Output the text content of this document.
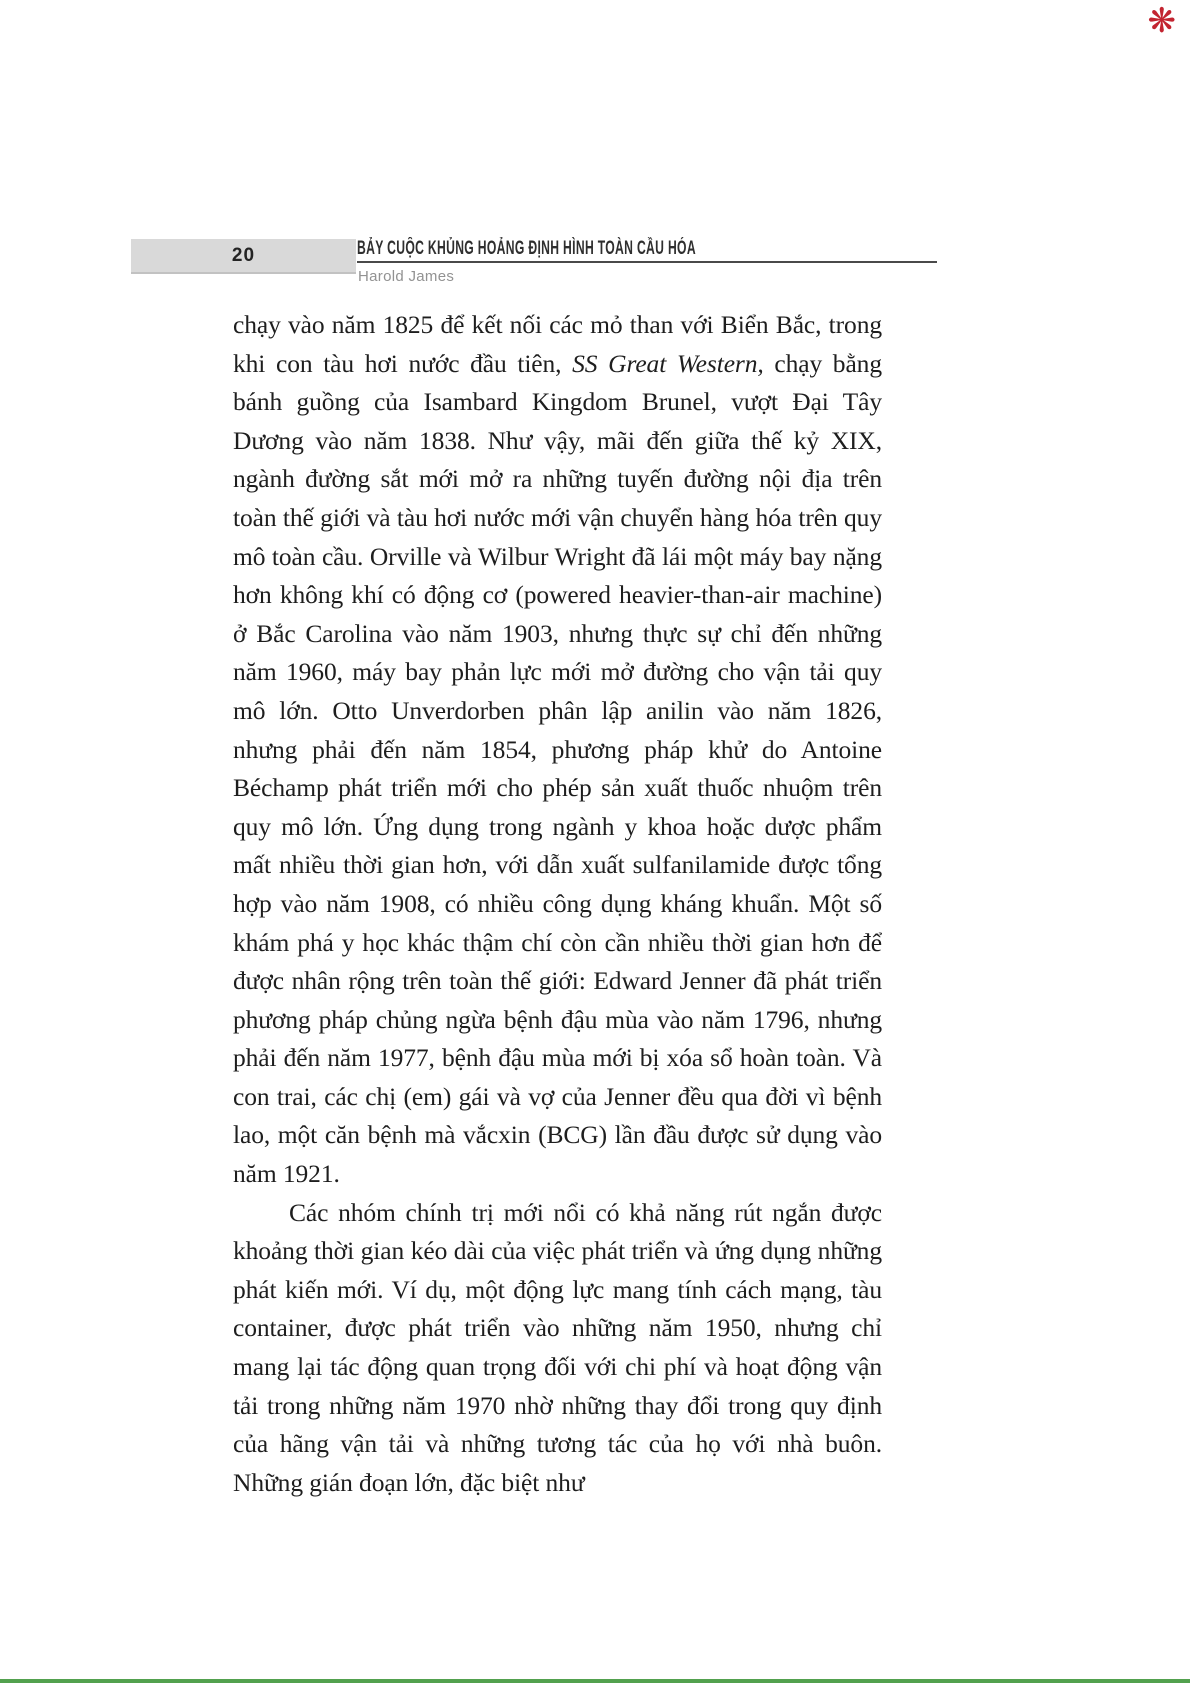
❋
20	BẢY CUỘC KHỦNG HOẢNG ĐỊNH HÌNH TOÀN CẦU HÓA
Harold James

chạy vào năm 1825 để kết nối các mỏ than với Biển Bắc, trong khi con tàu hơi nước đầu tiên, SS Great Western, chạy bằng bánh guồng của Isambard Kingdom Brunel, vượt Đại Tây Dương vào năm 1838. Như vậy, mãi đến giữa thế kỷ XIX, ngành đường sắt mới mở ra những tuyến đường nội địa trên toàn thế giới và tàu hơi nước mới vận chuyển hàng hóa trên quy mô toàn cầu. Orville và Wilbur Wright đã lái một máy bay nặng hơn không khí có động cơ (powered heavier-than-air machine) ở Bắc Carolina vào năm 1903, nhưng thực sự chỉ đến những năm 1960, máy bay phản lực mới mở đường cho vận tải quy mô lớn. Otto Unverdorben phân lập anilin vào năm 1826, nhưng phải đến năm 1854, phương pháp khử do Antoine Béchamp phát triển mới cho phép sản xuất thuốc nhuộm trên quy mô lớn. Ứng dụng trong ngành y khoa hoặc dược phẩm mất nhiều thời gian hơn, với dẫn xuất sulfanilamide được tổng hợp vào năm 1908, có nhiều công dụng kháng khuẩn. Một số khám phá y học khác thậm chí còn cần nhiều thời gian hơn để được nhân rộng trên toàn thế giới: Edward Jenner đã phát triển phương pháp chủng ngừa bệnh đậu mùa vào năm 1796, nhưng phải đến năm 1977, bệnh đậu mùa mới bị xóa sổ hoàn toàn. Và con trai, các chị (em) gái và vợ của Jenner đều qua đời vì bệnh lao, một căn bệnh mà vắcxin (BCG) lần đầu được sử dụng vào năm 1921.

Các nhóm chính trị mới nổi có khả năng rút ngắn được khoảng thời gian kéo dài của việc phát triển và ứng dụng những phát kiến mới. Ví dụ, một động lực mang tính cách mạng, tàu container, được phát triển vào những năm 1950, nhưng chỉ mang lại tác động quan trọng đối với chi phí và hoạt động vận tải trong những năm 1970 nhờ những thay đổi trong quy định của hãng vận tải và những tương tác của họ với nhà buôn. Những gián đoạn lớn, đặc biệt như
